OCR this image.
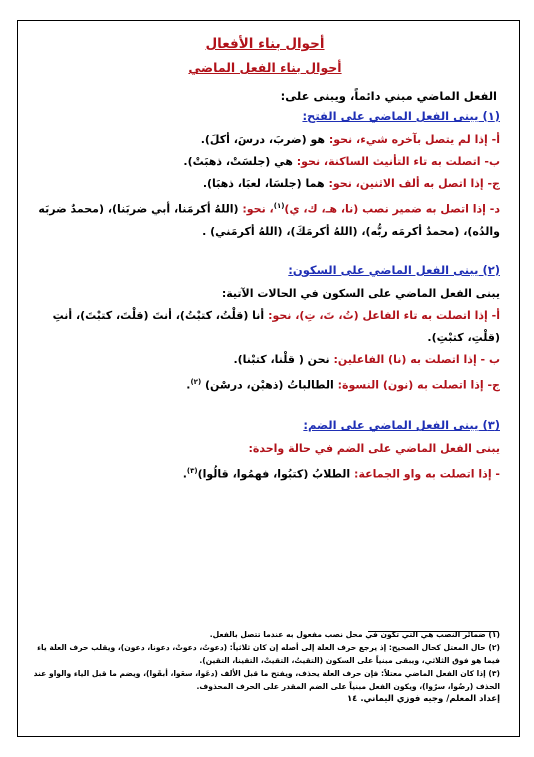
أحوال بناء الأفعال

أحوال بناء الفعل الماضي

الفعل الماضي مبني دائماً، ويبنى على:

(١) يبنى الفعل الماضي على الفتح:

أ- إذا لم يتصل بآخره شيء، نحو: هو (ضربَ، درسَ، أكلَ).

ب- اتصلت به تاء التأنيث الساكنة، نحو: هي (جلسَتْ، ذهبَتْ).

ج- إذا اتصل به ألف الاثنين، نحو: هما (جلسَا، لعبَا، ذهبَا).

د- إذا اتصل به ضمير نصب (نا، هـ، ك، ي)$^{(١)}$، نحو: (اللهُ أكرمَنا، أبي ضربَنا)، (محمدٌ ضربَه

والدُه)، (محمدٌ أكرمَه ربُّه)، (اللهُ أكرمَكَ)، (اللهُ أكرمَني) .

(٢) يبنى الفعل الماضي على السكون:

يبنى الفعل الماضي على السكون في الحالات الآتية:

أ- إذا اتصلت به تاء الفاعل (تُ، تَ، تِ)، نحو: أنا (قلْتُ، كتبْتُ)، أنتَ (قلْتَ، كتبْتَ)، أنتِ

(قلْتِ، كتبْتِ).

ب - إذا اتصلت به (نا) الفاعلين: نحن ( قلْنا، كتبْنا).

ج- إذا اتصلت به (نون) النسوة: الطالباتُ (ذهبْن، درسْن) $^{(٢)}$.

(٣) يبنى الفعل الماضي على الضم:

يبنى الفعل الماضي على الضم في حالة واحدة:

- إذا اتصلت به واو الجماعة: الطلابُ (كتبُوا، فهمُوا، قالُوا)$^{(٣)}$.

(١) ضمائر النصب هي التي تكون في محل نصب مفعول به عندما تتصل بالفعل.

(٢) حال المعتل كحال الصحيح: إذ يرجع حرف العلة إلى أصله إن كان ثلاثياً: (دعوتُ، دعوتْ، دعونا، دعون)، ويقلب حرف العلة ياء فيما هو فوق الثلاثي، ويبقى مبنياً على السكون (التقيتُ، التقيتْ، التقينا، التقين).

(٣) إذا كان الفعل الماضي معتلاً: فإن حرف العلة يحذف، ويفتح ما قبل الألف (دعَوا، سعَوا، أبقَوا)، ويضم ما قبل الياء والواو عند الحذف (رضُوا، سرُوا)، ويكون الفعل مبنياً على الضم المقدر على الحرف المحذوف.

إعداد المعلم/ وجيه فوزي اليماني. ١٤
